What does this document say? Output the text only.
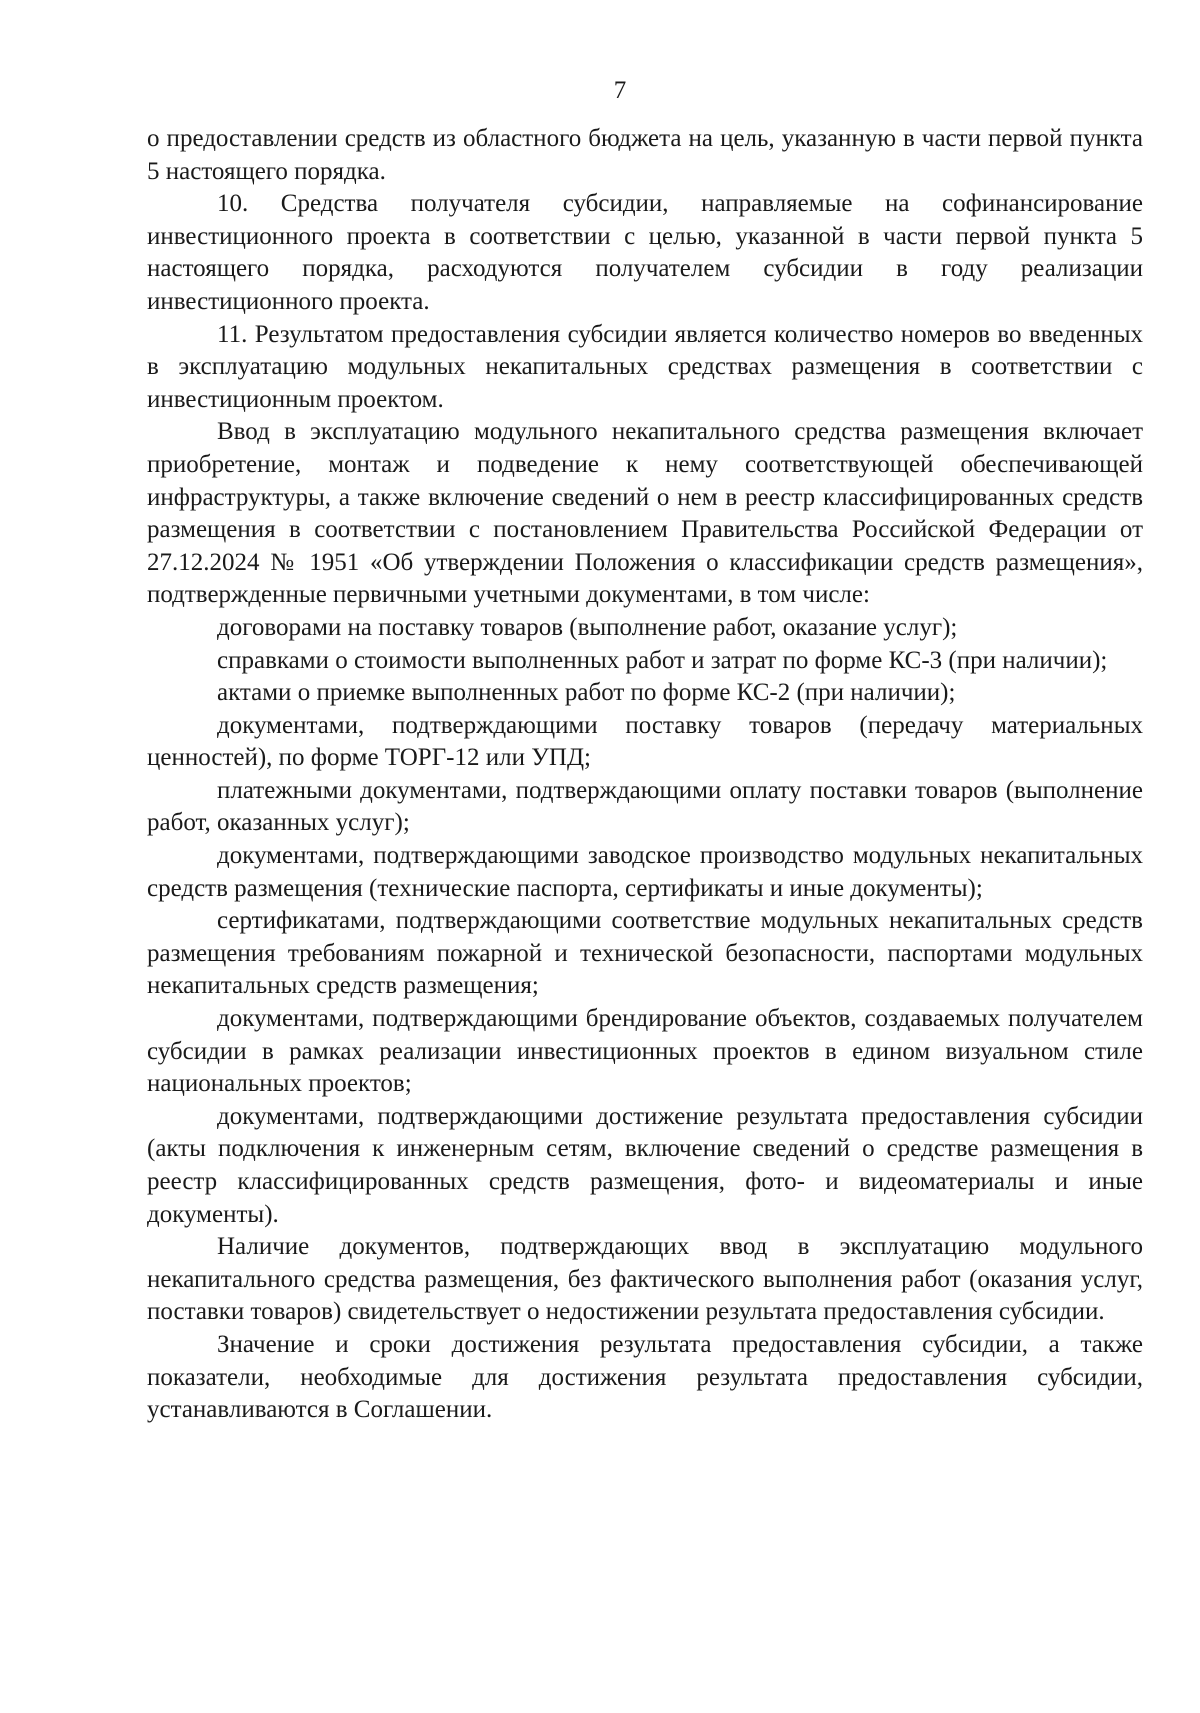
7

о предоставлении средств из областного бюджета на цель, указанную в части первой пункта 5 настоящего порядка.

10. Средства получателя субсидии, направляемые на софинансирование инвестиционного проекта в соответствии с целью, указанной в части первой пункта 5 настоящего порядка, расходуются получателем субсидии в году реализации инвестиционного проекта.

11. Результатом предоставления субсидии является количество номеров во введенных в эксплуатацию модульных некапитальных средствах размещения в соответствии с инвестиционным проектом.

Ввод в эксплуатацию модульного некапитального средства размещения включает приобретение, монтаж и подведение к нему соответствующей обеспечивающей инфраструктуры, а также включение сведений о нем в реестр классифицированных средств размещения в соответствии с постановлением Правительства Российской Федерации от 27.12.2024 № 1951 «Об утверждении Положения о классификации средств размещения», подтвержденные первичными учетными документами, в том числе:

договорами на поставку товаров (выполнение работ, оказание услуг);

справками о стоимости выполненных работ и затрат по форме КС-3 (при наличии);

актами о приемке выполненных работ по форме КС-2 (при наличии);

документами, подтверждающими поставку товаров (передачу материальных ценностей), по форме ТОРГ-12 или УПД;

платежными документами, подтверждающими оплату поставки товаров (выполнение работ, оказанных услуг);

документами, подтверждающими заводское производство модульных некапитальных средств размещения (технические паспорта, сертификаты и иные документы);

сертификатами, подтверждающими соответствие модульных некапитальных средств размещения требованиям пожарной и технической безопасности, паспортами модульных некапитальных средств размещения;

документами, подтверждающими брендирование объектов, создаваемых получателем субсидии в рамках реализации инвестиционных проектов в едином визуальном стиле национальных проектов;

документами, подтверждающими достижение результата предоставления субсидии (акты подключения к инженерным сетям, включение сведений о средстве размещения в реестр классифицированных средств размещения, фото- и видеоматериалы и иные документы).

Наличие документов, подтверждающих ввод в эксплуатацию модульного некапитального средства размещения, без фактического выполнения работ (оказания услуг, поставки товаров) свидетельствует о недостижении результата предоставления субсидии.

Значение и сроки достижения результата предоставления субсидии, а также показатели, необходимые для достижения результата предоставления субсидии, устанавливаются в Соглашении.
